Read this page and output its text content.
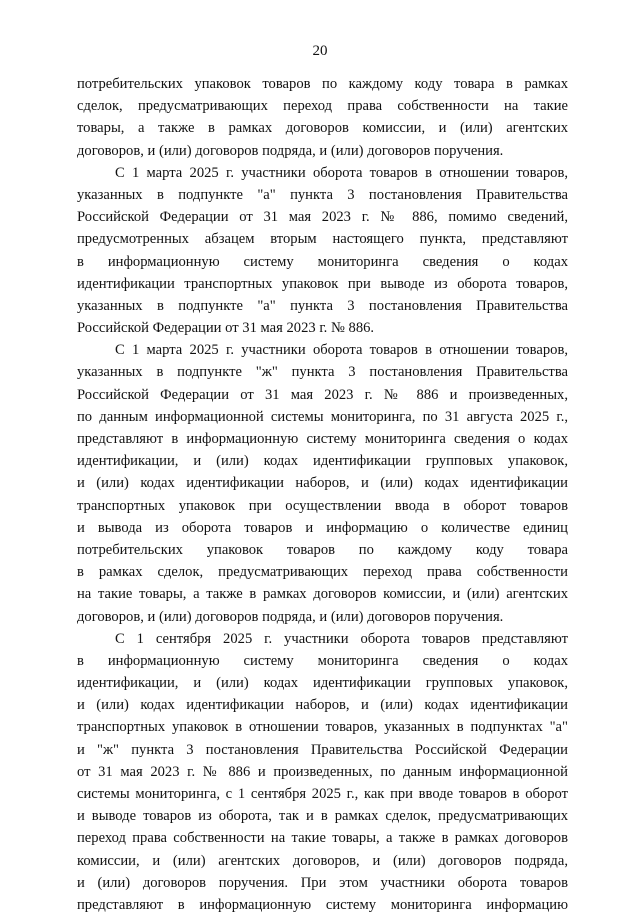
20
потребительских упаковок товаров по каждому коду товара в рамках
сделок, предусматривающих переход права собственности на такие
товары, а также в рамках договоров комиссии, и (или) агентских
договоров, и (или) договоров подряда, и (или) договоров поручения.
С 1 марта 2025 г. участники оборота товаров в отношении товаров,
указанных в подпункте "а" пункта 3 постановления Правительства
Российской Федерации от 31 мая 2023 г. № 886, помимо сведений,
предусмотренных абзацем вторым настоящего пункта, представляют
в информационную систему мониторинга сведения о кодах
идентификации транспортных упаковок при выводе из оборота товаров,
указанных в подпункте "а" пункта 3 постановления Правительства
Российской Федерации от 31 мая 2023 г. № 886.
С 1 марта 2025 г. участники оборота товаров в отношении товаров,
указанных в подпункте "ж" пункта 3 постановления Правительства
Российской Федерации от 31 мая 2023 г. № 886 и произведенных,
по данным информационной системы мониторинга, по 31 августа 2025 г.,
представляют в информационную систему мониторинга сведения о кодах
идентификации, и (или) кодах идентификации групповых упаковок,
и (или) кодах идентификации наборов, и (или) кодах идентификации
транспортных упаковок при осуществлении ввода в оборот товаров
и вывода из оборота товаров и информацию о количестве единиц
потребительских упаковок товаров по каждому коду товара
в рамках сделок, предусматривающих переход права собственности
на такие товары, а также в рамках договоров комиссии, и (или) агентских
договоров, и (или) договоров подряда, и (или) договоров поручения.
С 1 сентября 2025 г. участники оборота товаров представляют
в информационную систему мониторинга сведения о кодах
идентификации, и (или) кодах идентификации групповых упаковок,
и (или) кодах идентификации наборов, и (или) кодах идентификации
транспортных упаковок в отношении товаров, указанных в подпунктах "а"
и "ж" пункта 3 постановления Правительства Российской Федерации
от 31 мая 2023 г. № 886 и произведенных, по данным информационной
системы мониторинга, с 1 сентября 2025 г., как при вводе товаров в оборот
и выводе товаров из оборота, так и в рамках сделок, предусматривающих
переход права собственности на такие товары, а также в рамках договоров
комиссии, и (или) агентских договоров, и (или) договоров подряда,
и (или) договоров поручения. При этом участники оборота товаров
представляют в информационную систему мониторинга информацию
